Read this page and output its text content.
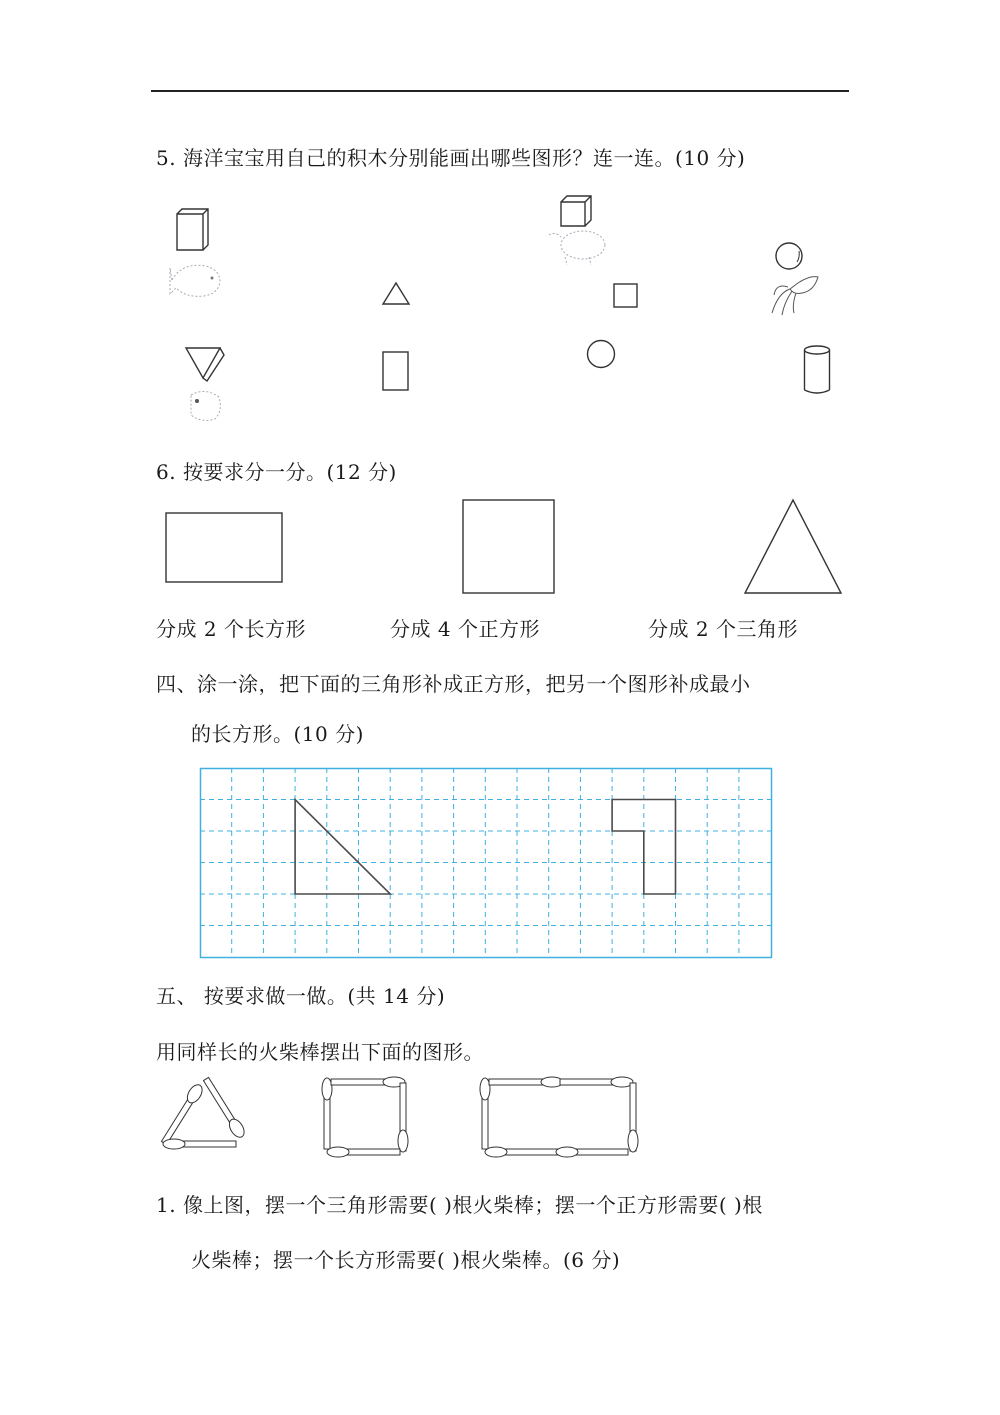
5. 海洋宝宝用自己的积木分别能画出哪些图形？连一连。(10 分)
6. 按要求分一分。(12 分)
分成 2 个长方形	分成 4 个正方形	分成 2 个三角形
四、涂一涂，把下面的三角形补成正方形，把另一个图形补成最小
的长方形。(10 分)
五、 按要求做一做。(共 14 分)
用同样长的火柴棒摆出下面的图形。
1. 像上图，摆一个三角形需要( )根火柴棒；摆一个正方形需要( )根
火柴棒；摆一个长方形需要( )根火柴棒。(6 分)
